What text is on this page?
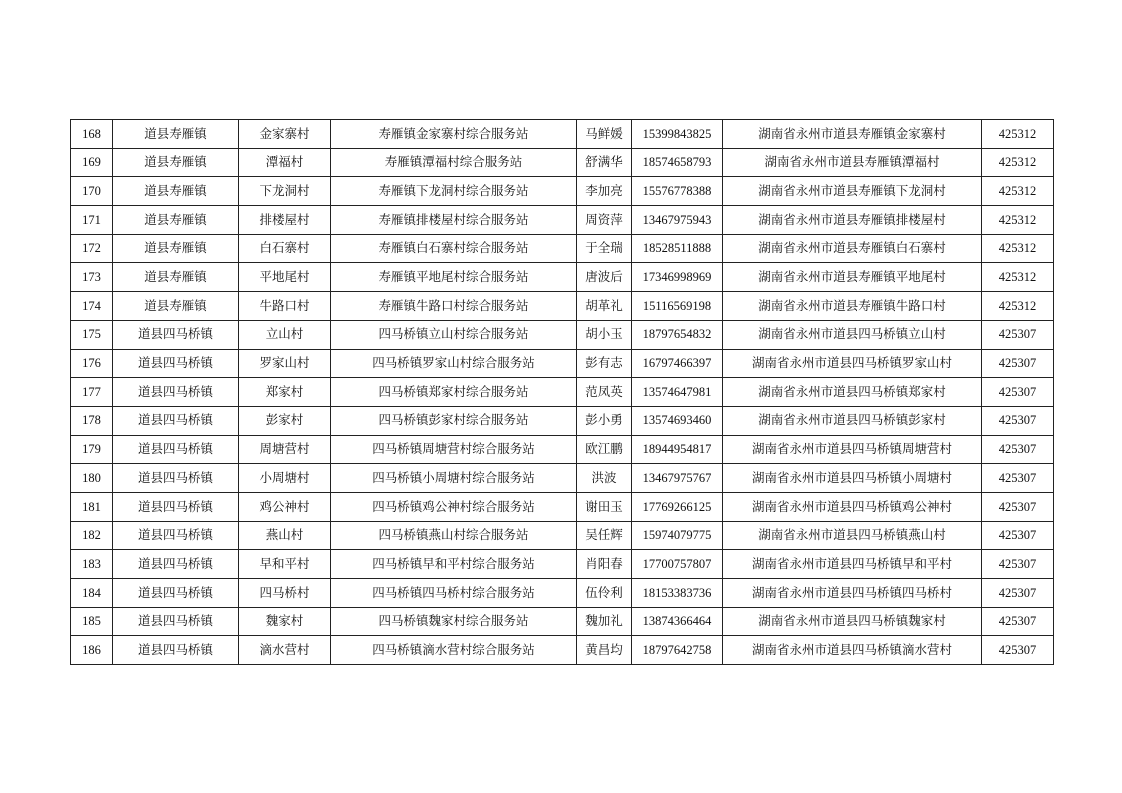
168	道县寿雁镇	金家寨村	寿雁镇金家寨村综合服务站	马鲜媛	15399843825	湖南省永州市道县寿雁镇金家寨村	425312
169	道县寿雁镇	潭福村	寿雁镇潭福村综合服务站	舒满华	18574658793	湖南省永州市道县寿雁镇潭福村	425312
170	道县寿雁镇	下龙洞村	寿雁镇下龙洞村综合服务站	李加亮	15576778388	湖南省永州市道县寿雁镇下龙洞村	425312
171	道县寿雁镇	排楼屋村	寿雁镇排楼屋村综合服务站	周资萍	13467975943	湖南省永州市道县寿雁镇排楼屋村	425312
172	道县寿雁镇	白石寨村	寿雁镇白石寨村综合服务站	于全瑞	18528511888	湖南省永州市道县寿雁镇白石寨村	425312
173	道县寿雁镇	平地尾村	寿雁镇平地尾村综合服务站	唐波后	17346998969	湖南省永州市道县寿雁镇平地尾村	425312
174	道县寿雁镇	牛路口村	寿雁镇牛路口村综合服务站	胡革礼	15116569198	湖南省永州市道县寿雁镇牛路口村	425312
175	道县四马桥镇	立山村	四马桥镇立山村综合服务站	胡小玉	18797654832	湖南省永州市道县四马桥镇立山村	425307
176	道县四马桥镇	罗家山村	四马桥镇罗家山村综合服务站	彭有志	16797466397	湖南省永州市道县四马桥镇罗家山村	425307
177	道县四马桥镇	郑家村	四马桥镇郑家村综合服务站	范凤英	13574647981	湖南省永州市道县四马桥镇郑家村	425307
178	道县四马桥镇	彭家村	四马桥镇彭家村综合服务站	彭小勇	13574693460	湖南省永州市道县四马桥镇彭家村	425307
179	道县四马桥镇	周塘营村	四马桥镇周塘营村综合服务站	欧江鹏	18944954817	湖南省永州市道县四马桥镇周塘营村	425307
180	道县四马桥镇	小周塘村	四马桥镇小周塘村综合服务站	洪波	13467975767	湖南省永州市道县四马桥镇小周塘村	425307
181	道县四马桥镇	鸡公神村	四马桥镇鸡公神村综合服务站	谢田玉	17769266125	湖南省永州市道县四马桥镇鸡公神村	425307
182	道县四马桥镇	燕山村	四马桥镇燕山村综合服务站	吴任辉	15974079775	湖南省永州市道县四马桥镇燕山村	425307
183	道县四马桥镇	早和平村	四马桥镇早和平村综合服务站	肖阳春	17700757807	湖南省永州市道县四马桥镇早和平村	425307
184	道县四马桥镇	四马桥村	四马桥镇四马桥村综合服务站	伍伶利	18153383736	湖南省永州市道县四马桥镇四马桥村	425307
185	道县四马桥镇	魏家村	四马桥镇魏家村综合服务站	魏加礼	13874366464	湖南省永州市道县四马桥镇魏家村	425307
186	道县四马桥镇	滴水营村	四马桥镇滴水营村综合服务站	黄昌均	18797642758	湖南省永州市道县四马桥镇滴水营村	425307
